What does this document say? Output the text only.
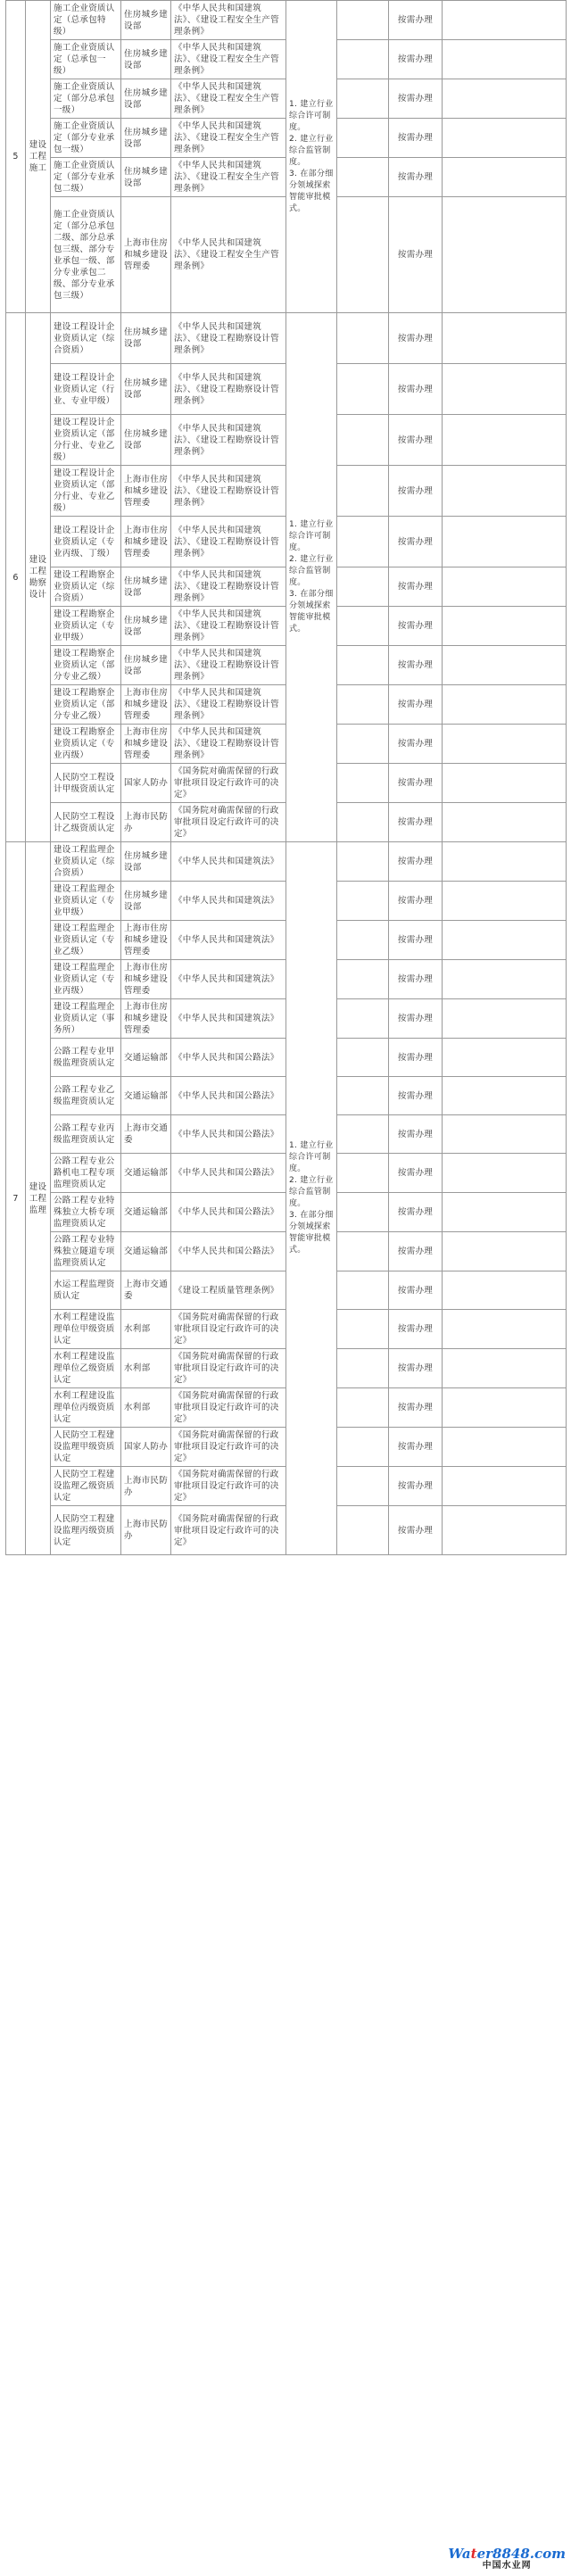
5	建设工程施工	施工企业资质认定（总承包特级）	住房城乡建设部	《中华人民共和国建筑法》、《建设工程安全生产管理条例》	1. 建立行业综合许可制度。
2. 建立行业综合监管制度。
3. 在部分细分领域探索智能审批模式。		按需办理	
		施工企业资质认定（总承包一级）	住房城乡建设部	《中华人民共和国建筑法》、《建设工程安全生产管理条例》			按需办理	
		施工企业资质认定（部分总承包一级）	住房城乡建设部	《中华人民共和国建筑法》、《建设工程安全生产管理条例》			按需办理	
		施工企业资质认定（部分专业承包一级）	住房城乡建设部	《中华人民共和国建筑法》、《建设工程安全生产管理条例》			按需办理	
		施工企业资质认定（部分专业承包二级）	住房城乡建设部	《中华人民共和国建筑法》、《建设工程安全生产管理条例》			按需办理	
		施工企业资质认定（部分总承包二级、部分总承包三级、部分专业承包一级、部分专业承包二级、部分专业承包三级）	上海市住房和城乡建设管理委	《中华人民共和国建筑法》、《建设工程安全生产管理条例》			按需办理	
6	建设工程勘察设计	建设工程设计企业资质认定（综合资质）	住房城乡建设部	《中华人民共和国建筑法》、《建设工程勘察设计管理条例》	1. 建立行业综合许可制度。
2. 建立行业综合监管制度。
3. 在部分细分领域探索智能审批模式。		按需办理	
		建设工程设计企业资质认定（行业、专业甲级）	住房城乡建设部	《中华人民共和国建筑法》、《建设工程勘察设计管理条例》			按需办理	
		建设工程设计企业资质认定（部分行业、专业乙级）	住房城乡建设部	《中华人民共和国建筑法》、《建设工程勘察设计管理条例》			按需办理	
		建设工程设计企业资质认定（部分行业、专业乙级）	上海市住房和城乡建设管理委	《中华人民共和国建筑法》、《建设工程勘察设计管理条例》			按需办理	
		建设工程设计企业资质认定（专业丙级、丁级）	上海市住房和城乡建设管理委	《中华人民共和国建筑法》、《建设工程勘察设计管理条例》			按需办理	
		建设工程勘察企业资质认定（综合资质）	住房城乡建设部	《中华人民共和国建筑法》、《建设工程勘察设计管理条例》			按需办理	
		建设工程勘察企业资质认定（专业甲级）	住房城乡建设部	《中华人民共和国建筑法》、《建设工程勘察设计管理条例》			按需办理	
		建设工程勘察企业资质认定（部分专业乙级）	住房城乡建设部	《中华人民共和国建筑法》、《建设工程勘察设计管理条例》			按需办理	
		建设工程勘察企业资质认定（部分专业乙级）	上海市住房和城乡建设管理委	《中华人民共和国建筑法》、《建设工程勘察设计管理条例》			按需办理	
		建设工程勘察企业资质认定（专业丙级）	上海市住房和城乡建设管理委	《中华人民共和国建筑法》、《建设工程勘察设计管理条例》			按需办理	
		人民防空工程设计甲级资质认定	国家人防办	《国务院对确需保留的行政审批项目设定行政许可的决定》			按需办理	
		人民防空工程设计乙级资质认定	上海市民防办	《国务院对确需保留的行政审批项目设定行政许可的决定》			按需办理	
7	建设工程监理	建设工程监理企业资质认定（综合资质）	住房城乡建设部	《中华人民共和国建筑法》	1. 建立行业综合许可制度。
2. 建立行业综合监管制度。
3. 在部分细分领域探索智能审批模式。		按需办理	
		建设工程监理企业资质认定（专业甲级）	住房城乡建设部	《中华人民共和国建筑法》			按需办理	
		建设工程监理企业资质认定（专业乙级）	上海市住房和城乡建设管理委	《中华人民共和国建筑法》			按需办理	
		建设工程监理企业资质认定（专业丙级）	上海市住房和城乡建设管理委	《中华人民共和国建筑法》			按需办理	
		建设工程监理企业资质认定（事务所）	上海市住房和城乡建设管理委	《中华人民共和国建筑法》			按需办理	
		公路工程专业甲级监理资质认定	交通运输部	《中华人民共和国公路法》			按需办理	
		公路工程专业乙级监理资质认定	交通运输部	《中华人民共和国公路法》			按需办理	
		公路工程专业丙级监理资质认定	上海市交通委	《中华人民共和国公路法》			按需办理	
		公路工程专业公路机电工程专项监理资质认定	交通运输部	《中华人民共和国公路法》			按需办理	
		公路工程专业特殊独立大桥专项监理资质认定	交通运输部	《中华人民共和国公路法》			按需办理	
		公路工程专业特殊独立隧道专项监理资质认定	交通运输部	《中华人民共和国公路法》			按需办理	
		水运工程监理资质认定	上海市交通委	《建设工程质量管理条例》			按需办理	
		水利工程建设监理单位甲级资质认定	水利部	《国务院对确需保留的行政审批项目设定行政许可的决定》			按需办理	
		水利工程建设监理单位乙级资质认定	水利部	《国务院对确需保留的行政审批项目设定行政许可的决定》			按需办理	
		水利工程建设监理单位丙级资质认定	水利部	《国务院对确需保留的行政审批项目设定行政许可的决定》			按需办理	
		人民防空工程建设监理甲级资质认定	国家人防办	《国务院对确需保留的行政审批项目设定行政许可的决定》			按需办理	
		人民防空工程建设监理乙级资质认定	上海市民防办	《国务院对确需保留的行政审批项目设定行政许可的决定》			按需办理	
		人民防空工程建设监理丙级资质认定	上海市民防办	《国务院对确需保留的行政审批项目设定行政许可的决定》			按需办理	
Water8848.com
中国水业网
